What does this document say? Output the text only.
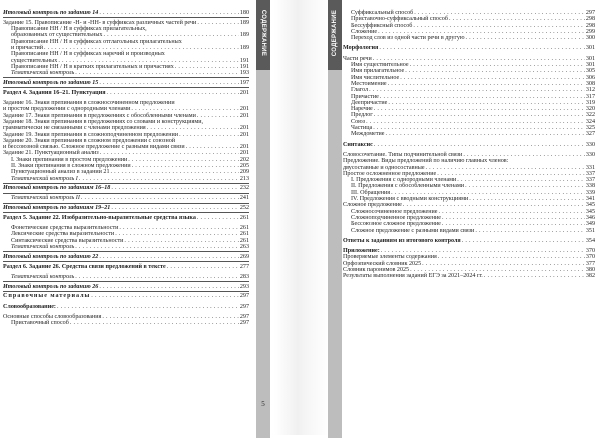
СОДЕРЖАНИЕ	СОДЕРЖАНИЕ
5
Итоговый контроль по заданию 14 . . .	180
Задание 15. Правописание -Н- и -НН- в суффиксах различных частей речи . . .	189
Правописание НН / Н в суффиксах прилагательных,
образованных от существительных . . .	189
Правописание НН / Н в суффиксах отглагольных прилагательных
и причастий . . .	189
Правописание НН / Н в суффиксах наречий и производных
существительных . . .	191
Правописание НН / Н в кратких прилагательных и причастиях . . .	191
Тематический контроль . . .	193
Итоговый контроль по заданию 15 . . .	197
Раздел 4. Задания 16–21. Пунктуация . . .	201
Задание 16. Знаки препинания в сложносочиненном предложении
и простом предложении с однородными членами . . .	201
Задание 17. Знаки препинания в предложениях с обособленными членами . . .	201
Задание 18. Знаки препинания в предложениях со словами и конструкциями,
грамматически не связанными с членами предложения . . .	201
Задание 19. Знаки препинания в сложноподчиненном предложении . . .	201
Задание 20. Знаки препинания в сложном предложении с союзной
и бессоюзной связью. Сложное предложение с разными видами связи . . .	201
Задание 21. Пунктуационный анализ . . .	201
I. Знаки препинания в простом предложении . . .	202
II. Знаки препинания в сложном предложении . . .	205
Пунктуационный анализ в задании 21 . . .	209
Тематический контроль I . . .	213
Итоговый контроль по заданиям 16–18 . . .	232
Тематический контроль II . . .	241
Итоговый контроль по заданиям 19–21 . . .	252
Раздел 5. Задание 22. Изобразительно-выразительные средства языка . . .	261
Фонетические средства выразительности . . .	261
Лексические средства выразительности . . .	261
Синтаксические средства выразительности . . .	261
Тематический контроль . . .	263
Итоговый контроль по заданию 22 . . .	269
Раздел 6. Задание 26. Средства связи предложений в тексте . . .	277
Тематический контроль . . .	283
Итоговый контроль по заданию 26 . . .	293
Справочные материалы . . .	297
Словообразование: . . .	297
Основные способы словообразования . . .	297
Приставочный способ . . .	297
Суффиксальный способ . . .	297
Приставочно-суффиксальный способ . . .	298
Бессуффиксный способ . . .	298
Сложение . . .	299
Переход слов из одной части речи в другую . . .	300
Морфология . . .	301
Части речи . . .	301
Имя существительное . . .	301
Имя прилагательное . . .	305
Имя числительное . . .	306
Местоимение . . .	308
Глагол . . .	312
Причастие . . .	317
Деепричастие . . .	319
Наречие . . .	320
Предлог . . .	322
Союз . . .	324
Частица . . .	325
Междометие . . .	327
Синтаксис . . .	330
Словосочетание. Типы подчинительной связи . . .	330
Предложение. Виды предложений по наличию главных членов:
двусоставные и односоставные . . .	331
Простое осложненное предложение . . .	337
I. Предложения с однородными членами . . .	337
II. Предложения с обособленными членами . . .	338
III. Обращения . . .	339
IV. Предложения с вводными конструкциями . . .	341
Сложное предложение . . .	345
Сложносочиненное предложение . . .	345
Сложноподчиненное предложение . . .	346
Бессоюзное сложное предложение . . .	349
Сложное предложение с разными видами связи . . .	351
Ответы к заданиям из итогового контроля . . .	354
Приложение: . . .	370
Проверяемые элементы содержания . . .	370
Орфоэпический словник 2025 . . .	377
Словник паронимов 2025 . . .	380
Результаты выполнения заданий ЕГЭ за 2021–2024 гг. . . .	382
